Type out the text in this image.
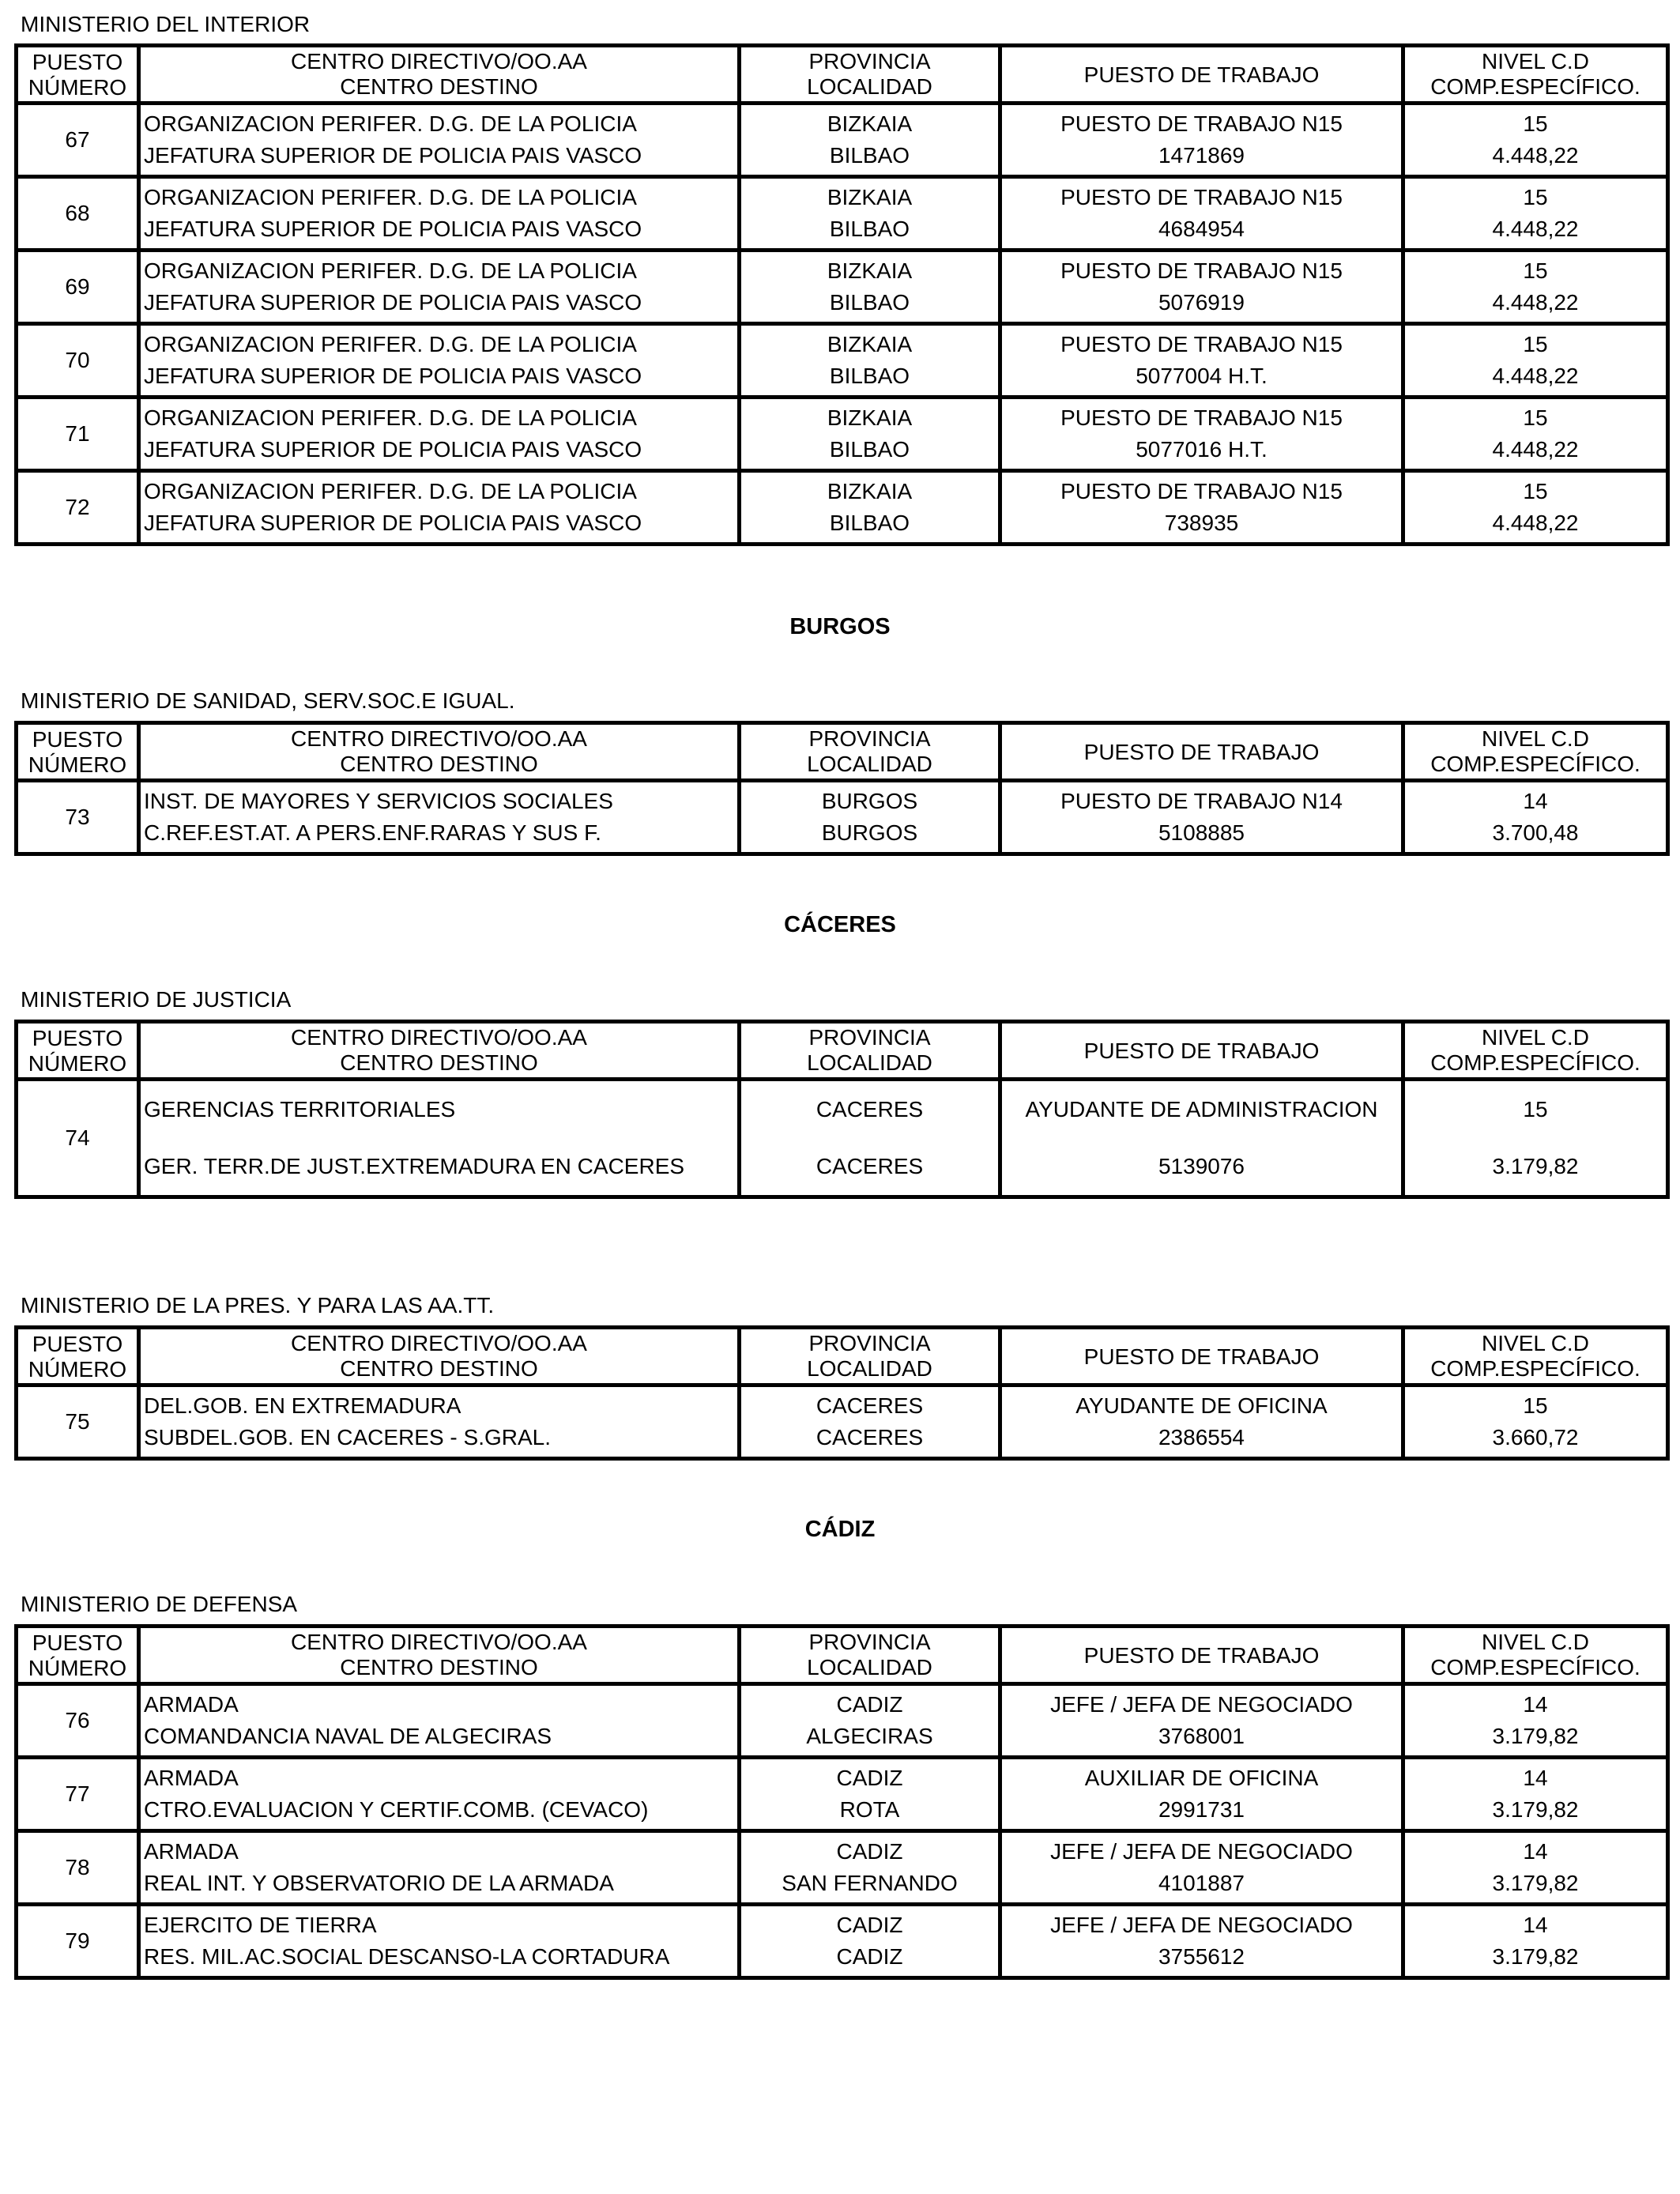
MINISTERIO DEL INTERIOR
PUESTO
NÚMERO	CENTRO DIRECTIVO/OO.AA	PROVINCIA	PUESTO DE TRABAJO	NIVEL C.D
	CENTRO DESTINO	LOCALIDAD		COMP.ESPECÍFICO.
67	ORGANIZACION PERIFER. D.G. DE LA POLICIA	BIZKAIA	PUESTO DE TRABAJO N15	15
	JEFATURA SUPERIOR DE POLICIA PAIS VASCO	BILBAO	1471869	4.448,22
68	ORGANIZACION PERIFER. D.G. DE LA POLICIA	BIZKAIA	PUESTO DE TRABAJO N15	15
	JEFATURA SUPERIOR DE POLICIA PAIS VASCO	BILBAO	4684954	4.448,22
69	ORGANIZACION PERIFER. D.G. DE LA POLICIA	BIZKAIA	PUESTO DE TRABAJO N15	15
	JEFATURA SUPERIOR DE POLICIA PAIS VASCO	BILBAO	5076919	4.448,22
70	ORGANIZACION PERIFER. D.G. DE LA POLICIA	BIZKAIA	PUESTO DE TRABAJO N15	15
	JEFATURA SUPERIOR DE POLICIA PAIS VASCO	BILBAO	5077004 H.T.	4.448,22
71	ORGANIZACION PERIFER. D.G. DE LA POLICIA	BIZKAIA	PUESTO DE TRABAJO N15	15
	JEFATURA SUPERIOR DE POLICIA PAIS VASCO	BILBAO	5077016 H.T.	4.448,22
72	ORGANIZACION PERIFER. D.G. DE LA POLICIA	BIZKAIA	PUESTO DE TRABAJO N15	15
	JEFATURA SUPERIOR DE POLICIA PAIS VASCO	BILBAO	738935	4.448,22
BURGOS
MINISTERIO DE SANIDAD, SERV.SOC.E IGUAL.
PUESTO
NÚMERO	CENTRO DIRECTIVO/OO.AA	PROVINCIA	PUESTO DE TRABAJO	NIVEL C.D
	CENTRO DESTINO	LOCALIDAD		COMP.ESPECÍFICO.
73	INST. DE MAYORES Y SERVICIOS SOCIALES	BURGOS	PUESTO DE TRABAJO N14	14
	C.REF.EST.AT. A PERS.ENF.RARAS Y SUS F.	BURGOS	5108885	3.700,48
CÁCERES
MINISTERIO DE JUSTICIA
PUESTO
NÚMERO	CENTRO DIRECTIVO/OO.AA	PROVINCIA	PUESTO DE TRABAJO	NIVEL C.D
	CENTRO DESTINO	LOCALIDAD		COMP.ESPECÍFICO.
74	GERENCIAS TERRITORIALES	CACERES	AYUDANTE DE ADMINISTRACION	15
	GER. TERR.DE JUST.EXTREMADURA EN CACERES	CACERES	5139076	3.179,82
MINISTERIO DE LA PRES. Y PARA LAS AA.TT.
PUESTO
NÚMERO	CENTRO DIRECTIVO/OO.AA	PROVINCIA	PUESTO DE TRABAJO	NIVEL C.D
	CENTRO DESTINO	LOCALIDAD		COMP.ESPECÍFICO.
75	DEL.GOB. EN EXTREMADURA	CACERES	AYUDANTE DE OFICINA	15
	SUBDEL.GOB. EN CACERES - S.GRAL.	CACERES	2386554	3.660,72
CÁDIZ
MINISTERIO DE DEFENSA
PUESTO
NÚMERO	CENTRO DIRECTIVO/OO.AA	PROVINCIA	PUESTO DE TRABAJO	NIVEL C.D
	CENTRO DESTINO	LOCALIDAD		COMP.ESPECÍFICO.
76	ARMADA	CADIZ	JEFE / JEFA DE NEGOCIADO	14
	COMANDANCIA NAVAL DE ALGECIRAS	ALGECIRAS	3768001	3.179,82
77	ARMADA	CADIZ	AUXILIAR DE OFICINA	14
	CTRO.EVALUACION Y CERTIF.COMB. (CEVACO)	ROTA	2991731	3.179,82
78	ARMADA	CADIZ	JEFE / JEFA DE NEGOCIADO	14
	REAL INT. Y OBSERVATORIO DE LA ARMADA	SAN FERNANDO	4101887	3.179,82
79	EJERCITO DE TIERRA	CADIZ	JEFE / JEFA DE NEGOCIADO	14
	RES. MIL.AC.SOCIAL DESCANSO-LA CORTADURA	CADIZ	3755612	3.179,82
